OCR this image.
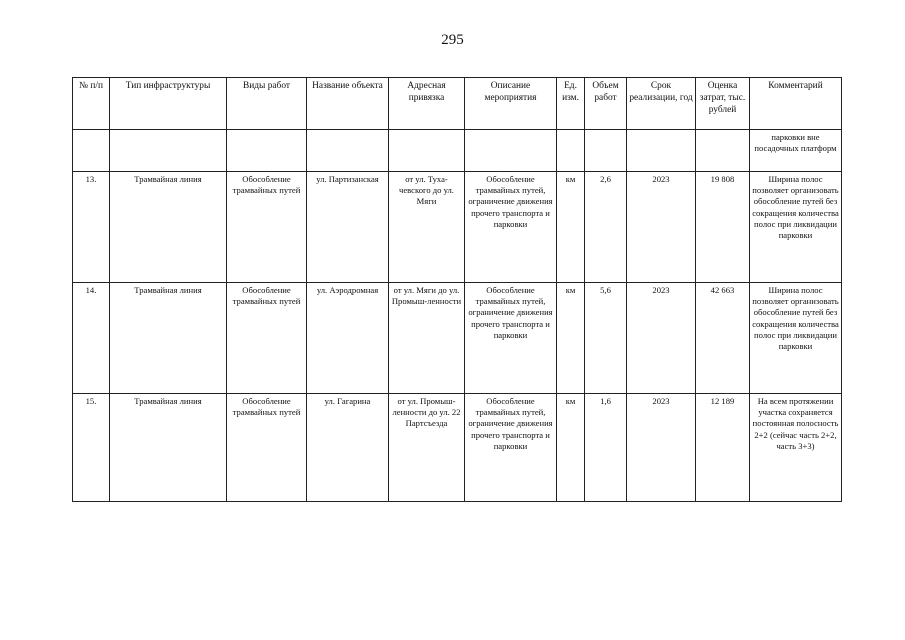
295
№ п/п	Тип инфраструктуры	Виды работ	Название объекта	Адресная привязка	Описание мероприятия	Ед. изм.	Объем работ	Срок реализации, год	Оценка затрат, тыс. рублей	Комментарий
										парковки вне посадочных платформ
13.	Трамвайная линия	Обособление трамвайных путей	ул. Партизанская	от ул. Туха-чевского до ул. Мяги	Обособление трамвайных путей, ограничение движения прочего транспорта и парковки	км	2,6	2023	19 808	Ширина полос позволяет организовать обособление путей без сокращения количества полос при ликвидации парковки
14.	Трамвайная линия	Обособление трамвайных путей	ул. Аэродромная	от ул. Мяги до ул. Промыш-ленности	Обособление трамвайных путей, ограничение движения прочего транспорта и парковки	км	5,6	2023	42 663	Ширина полос позволяет организовать обособление путей без сокращения количества полос при ликвидации парковки
15.	Трамвайная линия	Обособление трамвайных путей	ул. Гагарина	от ул. Промыш-ленности до ул. 22 Партсъезда	Обособление трамвайных путей, ограничение движения прочего транспорта и парковки	км	1,6	2023	12 189	На всем протяжении участка сохраняется постоянная полосность 2+2 (сейчас часть 2+2, часть 3+3)
